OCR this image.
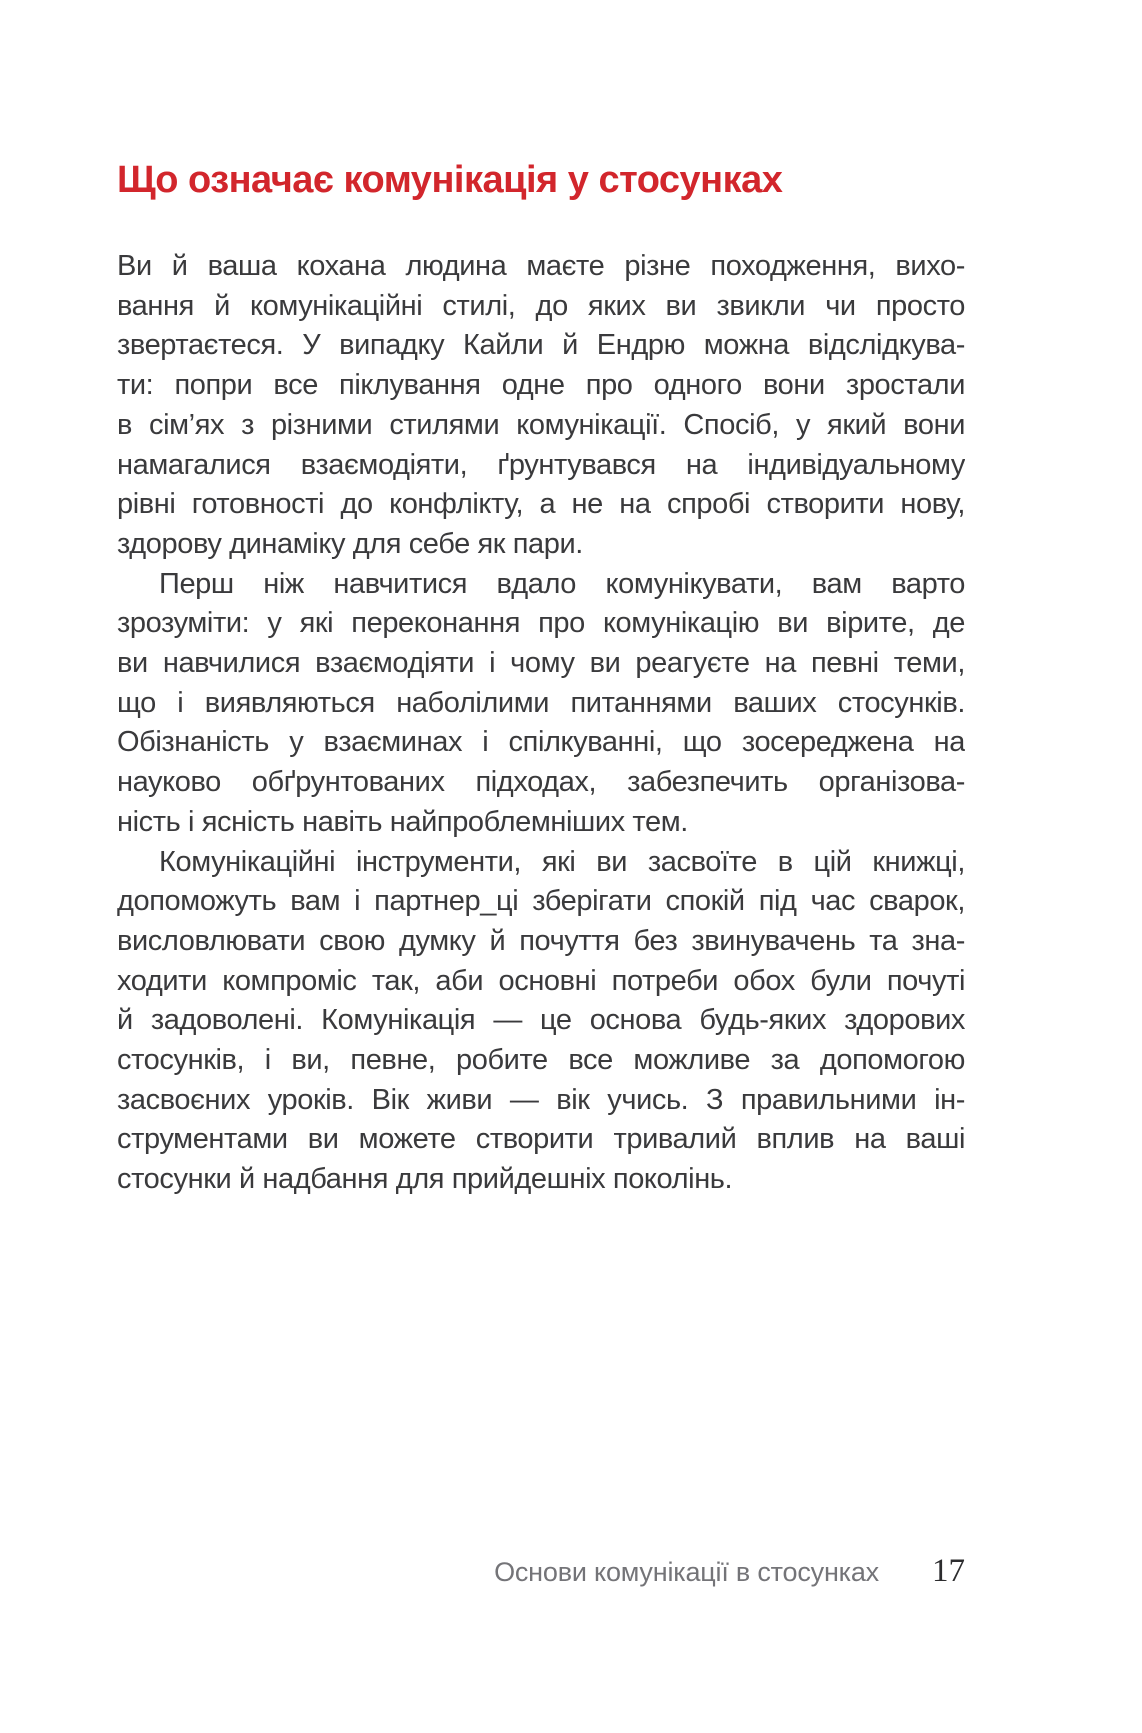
Що означає комунікація у стосунках
Ви й ваша кохана людина маєте різне походження, вихо-
вання й комунікаційні стилі, до яких ви звикли чи просто
звертаєтеся. У випадку Кайли й Ендрю можна відслідкува-
ти: попри все піклування одне про одного вони зростали
в сім’ях з різними стилями комунікації. Спосіб, у який вони
намагалися взаємодіяти, ґрунтувався на індивідуальному
рівні готовності до конфлікту, а не на спробі створити нову,
здорову динаміку для себе як пари.
Перш ніж навчитися вдало комунікувати, вам варто
зрозуміти: у які переконання про комунікацію ви вірите, де
ви навчилися взаємодіяти і чому ви реагуєте на певні теми,
що і виявляються наболілими питаннями ваших стосунків.
Обізнаність у взаєминах і спілкуванні, що зосереджена на
науково обґрунтованих підходах, забезпечить організова-
ність і ясність навіть найпроблемніших тем.
Комунікаційні інструменти, які ви засвоїте в цій книжці,
допоможуть вам і партнер_ці зберігати спокій під час сварок,
висловлювати свою думку й почуття без звинувачень та зна-
ходити компроміс так, аби основні потреби обох були почуті
й задоволені. Комунікація — це основа будь-яких здорових
стосунків, і ви, певне, робите все можливе за допомогою
засвоєних уроків. Вік живи — вік учись. З правильними ін-
струментами ви можете створити тривалий вплив на ваші
стосунки й надбання для прийдешніх поколінь.
Основи комунікації в стосунках 17
